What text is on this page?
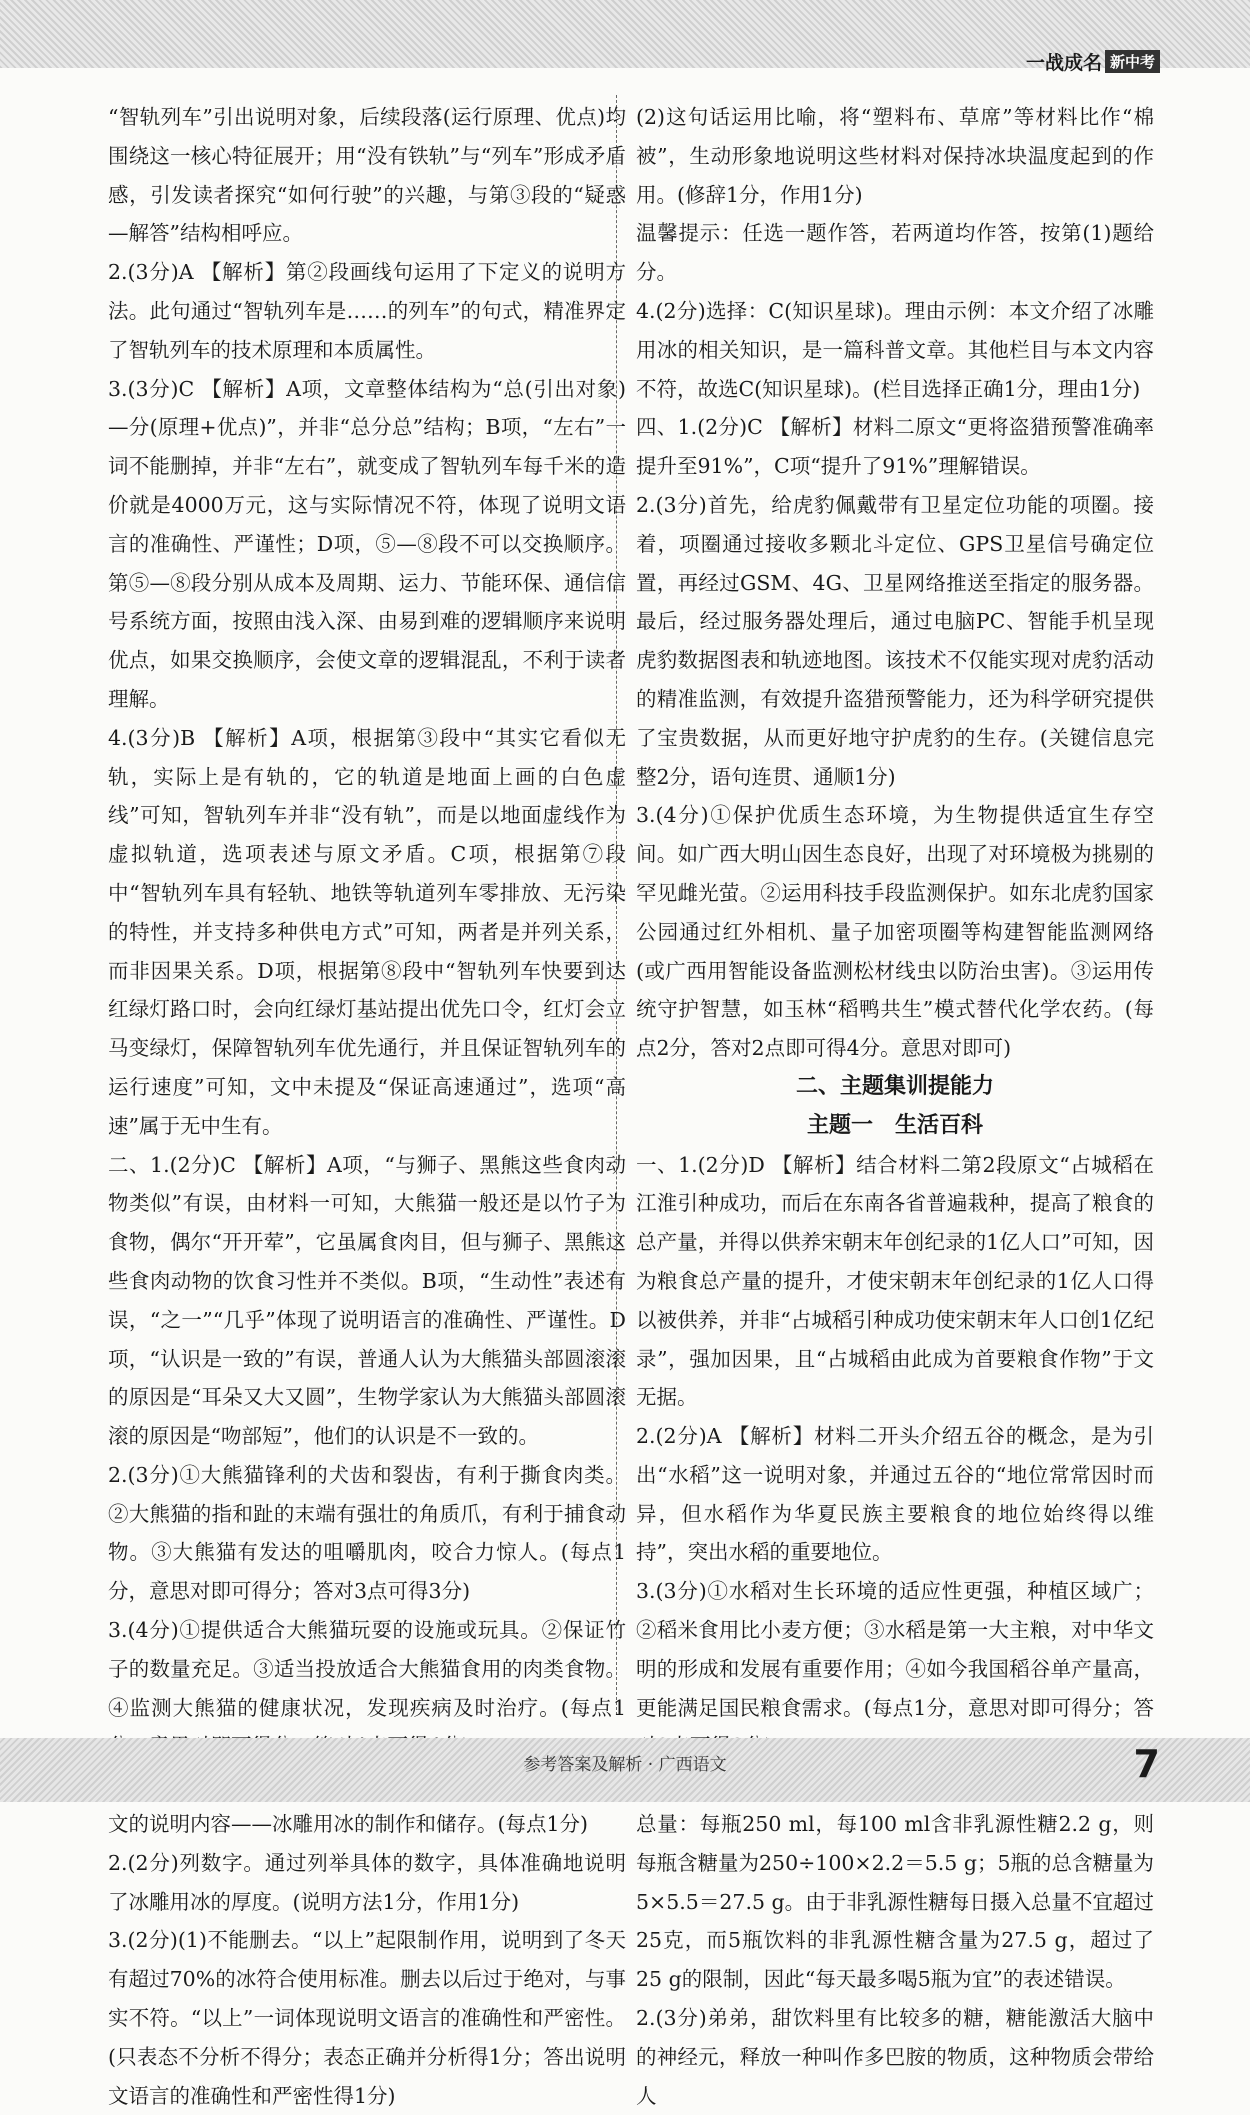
一战成名 新中考

“智轨列车”引出说明对象，后续段落(运行原理、优点)均围绕这一核心特征展开；用“没有铁轨”与“列车”形成矛盾感，引发读者探究“如何行驶”的兴趣，与第③段的“疑惑—解答”结构相呼应。

2.(3分)A 【解析】第②段画线句运用了下定义的说明方法。此句通过“智轨列车是……的列车”的句式，精准界定了智轨列车的技术原理和本质属性。

3.(3分)C 【解析】A项，文章整体结构为“总(引出对象)—分(原理+优点)”，并非“总分总”结构；B项，“左右”一词不能删掉，并非“左右”，就变成了智轨列车每千米的造价就是4000万元，这与实际情况不符，体现了说明文语言的准确性、严谨性；D项，⑤—⑧段不可以交换顺序。第⑤—⑧段分别从成本及周期、运力、节能环保、通信信号系统方面，按照由浅入深、由易到难的逻辑顺序来说明优点，如果交换顺序，会使文章的逻辑混乱，不利于读者理解。

4.(3分)B 【解析】A项，根据第③段中“其实它看似无轨，实际上是有轨的，它的轨道是地面上画的白色虚线”可知，智轨列车并非“没有轨”，而是以地面虚线作为虚拟轨道，选项表述与原文矛盾。C项，根据第⑦段中“智轨列车具有轻轨、地铁等轨道列车零排放、无污染的特性，并支持多种供电方式”可知，两者是并列关系，而非因果关系。D项，根据第⑧段中“智轨列车快要到达红绿灯路口时，会向红绿灯基站提出优先口令，红灯会立马变绿灯，保障智轨列车优先通行，并且保证智轨列车的运行速度”可知，文中未提及“保证高速通过”，选项“高速”属于无中生有。

二、1.(2分)C 【解析】A项，“与狮子、黑熊这些食肉动物类似”有误，由材料一可知，大熊猫一般还是以竹子为食物，偶尔“开开荤”，它虽属食肉目，但与狮子、黑熊这些食肉动物的饮食习性并不类似。B项，“生动性”表述有误，“之一”“几乎”体现了说明语言的准确性、严谨性。D项，“认识是一致的”有误，普通人认为大熊猫头部圆滚滚的原因是“耳朵又大又圆”，生物学家认为大熊猫头部圆滚滚的原因是“吻部短”，他们的认识是不一致的。

2.(3分)①大熊猫锋利的犬齿和裂齿，有利于撕食肉类。②大熊猫的指和趾的末端有强壮的角质爪，有利于捕食动物。③大熊猫有发达的咀嚼肌肉，咬合力惊人。(每点1分，意思对即可得分；答对3点可得3分)

3.(4分)①提供适合大熊猫玩耍的设施或玩具。②保证竹子的数量充足。③适当投放适合大熊猫食用的肉类食物。④监测大熊猫的健康状况，发现疾病及时治疗。(每点1

文的说明内容——冰雕用冰的制作和储存。(每点1分)

2.(2分)列数字。通过列举具体的数字，具体准确地说明了冰雕用冰的厚度。(说明方法1分，作用1分)

3.(2分)(1)不能删去。“以上”起限制作用，说明到了冬天有超过70%的冰符合使用标准。删去以后过于绝对，与事实不符。“以上”一词体现说明文语言的准确性和严密性。(只表态不分析不得分；表态正确并分析得1分；答出说明文语言的准确性和严密性得1分)

(2)这句话运用比喻，将“塑料布、草席”等材料比作“棉被”，生动形象地说明这些材料对保持冰块温度起到的作用。(修辞1分，作用1分)

温馨提示：任选一题作答，若两道均作答，按第(1)题给分。

4.(2分)选择：C(知识星球)。理由示例：本文介绍了冰雕用冰的相关知识，是一篇科普文章。其他栏目与本文内容不符，故选C(知识星球)。(栏目选择正确1分，理由1分)

四、1.(2分)C 【解析】材料二原文“更将盗猎预警准确率提升至91%”，C项“提升了91%”理解错误。

2.(3分)首先，给虎豹佩戴带有卫星定位功能的项圈。接着，项圈通过接收多颗北斗定位、GPS卫星信号确定位置，再经过GSM、4G、卫星网络推送至指定的服务器。最后，经过服务器处理后，通过电脑PC、智能手机呈现虎豹数据图表和轨迹地图。该技术不仅能实现对虎豹活动的精准监测，有效提升盗猎预警能力，还为科学研究提供了宝贵数据，从而更好地守护虎豹的生存。(关键信息完整2分，语句连贯、通顺1分)

3.(4分)①保护优质生态环境，为生物提供适宜生存空间。如广西大明山因生态良好，出现了对环境极为挑剔的罕见雌光萤。②运用科技手段监测保护。如东北虎豹国家公园通过红外相机、量子加密项圈等构建智能监测网络(或广西用智能设备监测松材线虫以防治虫害)。③运用传统守护智慧，如玉林“稻鸭共生”模式替代化学农药。(每点2分，答对2点即可得4分。意思对即可)

二、主题集训提能力

主题一　生活百科

一、1.(2分)D 【解析】结合材料二第2段原文“占城稻在江淮引种成功，而后在东南各省普遍栽种，提高了粮食的总产量，并得以供养宋朝末年创纪录的1亿人口”可知，因为粮食总产量的提升，才使宋朝末年创纪录的1亿人口得以被供养，并非“占城稻引种成功使宋朝末年人口创1亿纪录”，强加因果，且“占城稻由此成为首要粮食作物”于文无据。

2.(2分)A 【解析】材料二开头介绍五谷的概念，是为引出“水稻”这一说明对象，并通过五谷的“地位常常因时而异，但水稻作为华夏民族主要粮食的地位始终得以维持”，突出水稻的重要地位。

3.(3分)①水稻对生长环境的适应性更强，种植区域广；②稻米食用比小麦方便；③水稻是第一大主粮，对中华文明的形成和发展有重要作用；④如今我国稻谷单产量高，更能满足国民粮食需求。(每点1分，意思对即可得分；答

总量：每瓶250 ml，每100 ml含非乳源性糖2.2 g，则每瓶含糖量为250÷100×2.2＝5.5 g；5瓶的总含糖量为5×5.5＝27.5 g。由于非乳源性糖每日摄入总量不宜超过25克，而5瓶饮料的非乳源性糖含量为27.5 g，超过了25 g的限制，因此“每天最多喝5瓶为宜”的表述错误。

2.(3分)弟弟，甜饮料里有比较多的糖，糖能激活大脑中的神经元，释放一种叫作多巴胺的物质，这种物质会带给人

参考答案及解析 · 广西语文	7
